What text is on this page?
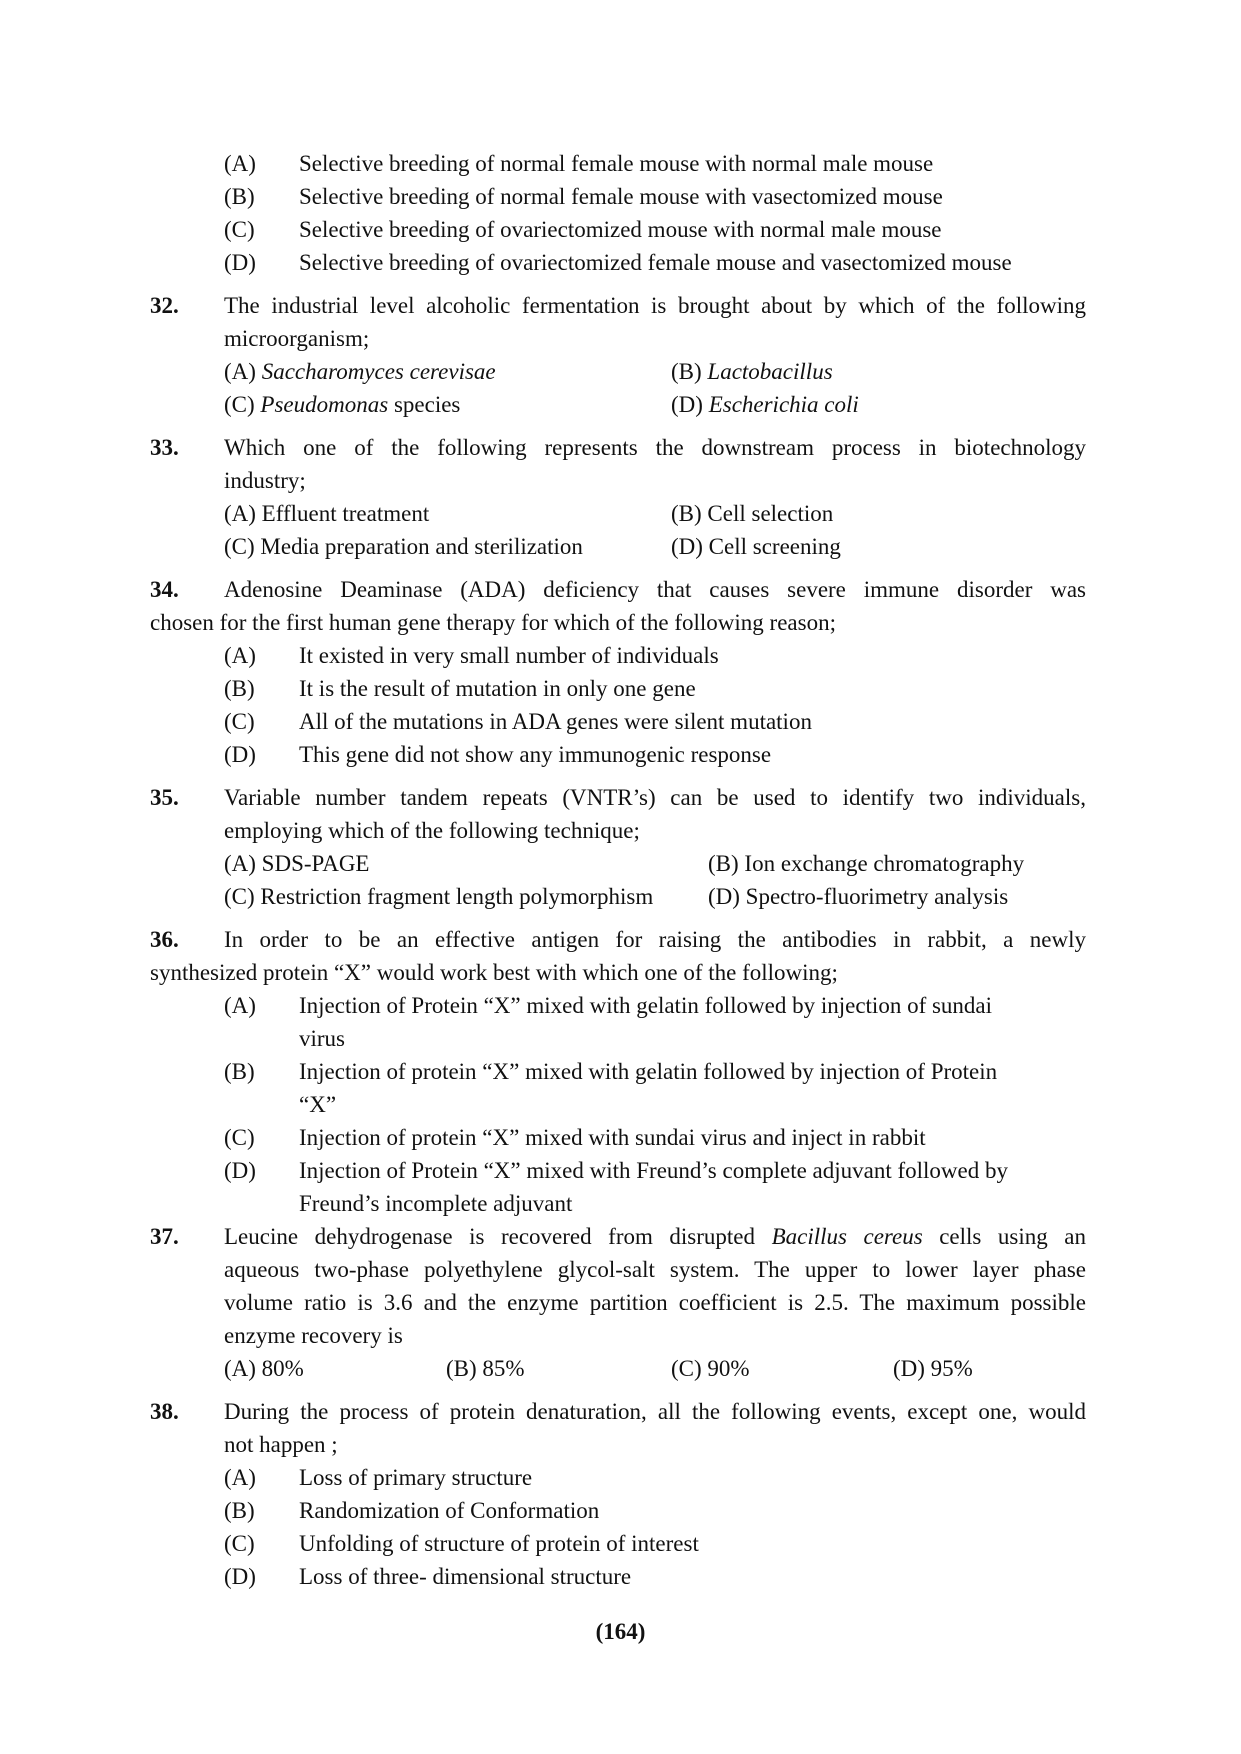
(A) Selective breeding of normal female mouse with normal male mouse
(B) Selective breeding of normal female mouse with vasectomized mouse
(C) Selective breeding of ovariectomized mouse with normal male mouse
(D) Selective breeding of ovariectomized female mouse and vasectomized mouse
32. The industrial level alcoholic fermentation is brought about by which of the following
microorganism;
(A) Saccharomyces cerevisae	(B) Lactobacillus
(C) Pseudomonas species	(D) Escherichia coli
33. Which one of the following represents the downstream process in biotechnology
industry;
(A) Effluent treatment	(B) Cell selection
(C) Media preparation and sterilization	(D) Cell screening
34. Adenosine Deaminase (ADA) deficiency that causes severe immune disorder was
chosen for the first human gene therapy for which of the following reason;
(A) It existed in very small number of individuals
(B) It is the result of mutation in only one gene
(C) All of the mutations in ADA genes were silent mutation
(D) This gene did not show any immunogenic response
35. Variable number tandem repeats (VNTR’s) can be used to identify two individuals,
employing which of the following technique;
(A) SDS-PAGE	(B) Ion exchange chromatography
(C) Restriction fragment length polymorphism (D) Spectro-fluorimetry analysis
36. In order to be an effective antigen for raising the antibodies in rabbit, a newly
synthesized protein “X” would work best with which one of the following;
(A) Injection of Protein “X” mixed with gelatin followed by injection of sundai
virus
(B) Injection of protein “X” mixed with gelatin followed by injection of Protein
“X”
(C) Injection of protein “X” mixed with sundai virus and inject in rabbit
(D) Injection of Protein “X” mixed with Freund’s complete adjuvant followed by
Freund’s incomplete adjuvant
37. Leucine dehydrogenase is recovered from disrupted Bacillus cereus cells using an
aqueous two-phase polyethylene glycol-salt system. The upper to lower layer phase
volume ratio is 3.6 and the enzyme partition coefficient is 2.5. The maximum possible
enzyme recovery is
(A) 80%	(B) 85%	(C) 90%	(D) 95%
38. During the process of protein denaturation, all the following events, except one, would
not happen ;
(A) Loss of primary structure
(B) Randomization of Conformation
(C) Unfolding of structure of protein of interest
(D) Loss of three- dimensional structure
(164)
